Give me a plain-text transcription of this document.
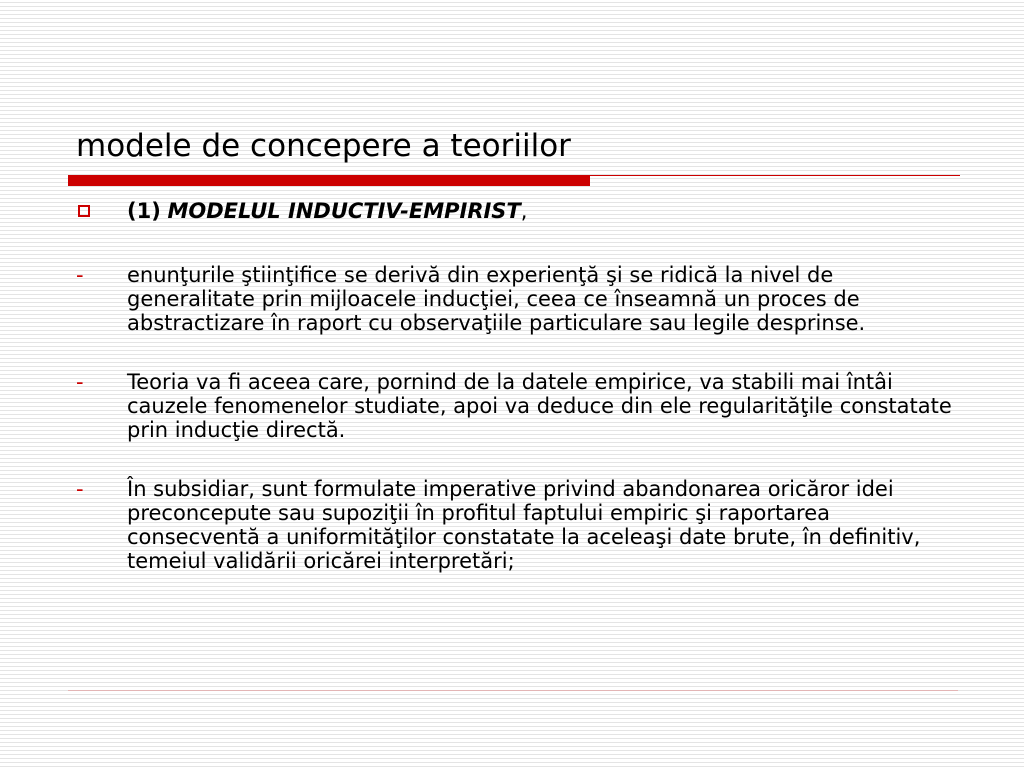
modele de concepere a teoriilor
(1) MODELUL INDUCTIV-EMPIRIST,
- enunţurile ştiinţifice se derivă din experienţă şi se ridică la nivel de generalitate prin mijloacele inducţiei, ceea ce înseamnă un proces de abstractizare în raport cu observaţiile particulare sau legile desprinse.
- Teoria va fi aceea care, pornind de la datele empirice, va stabili mai întâi cauzele fenomenelor studiate, apoi va deduce din ele regularităţile constatate prin inducţie directă.
- În subsidiar, sunt formulate imperative privind abandonarea oricăror idei preconcepute sau supoziţii în profitul faptului empiric şi raportarea consecventă a uniformităţilor constatate la aceleaşi date brute, în definitiv, temeiul validării oricărei interpretări;
